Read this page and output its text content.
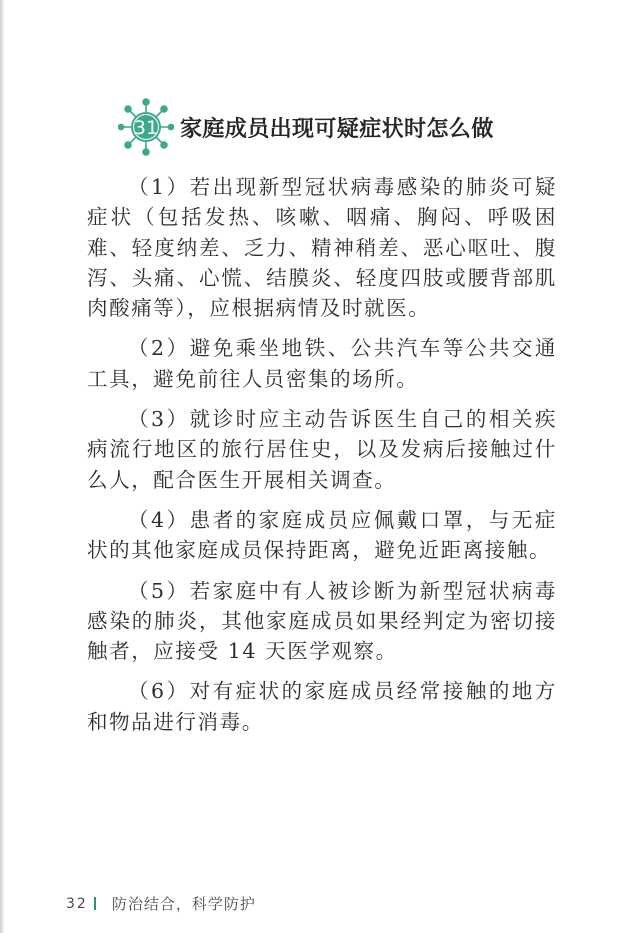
31 家庭成员出现可疑症状时怎么做

（1）若出现新型冠状病毒感染的肺炎可疑症状（包括发热、咳嗽、咽痛、胸闷、呼吸困难、轻度纳差、乏力、精神稍差、恶心呕吐、腹泻、头痛、心慌、结膜炎、轻度四肢或腰背部肌肉酸痛等），应根据病情及时就医。

（2）避免乘坐地铁、公共汽车等公共交通工具，避免前往人员密集的场所。

（3）就诊时应主动告诉医生自己的相关疾病流行地区的旅行居住史，以及发病后接触过什么人，配合医生开展相关调查。

（4）患者的家庭成员应佩戴口罩，与无症状的其他家庭成员保持距离，避免近距离接触。

（5）若家庭中有人被诊断为新型冠状病毒感染的肺炎，其他家庭成员如果经判定为密切接触者，应接受 14 天医学观察。

（6）对有症状的家庭成员经常接触的地方和物品进行消毒。

32 防治结合，科学防护
